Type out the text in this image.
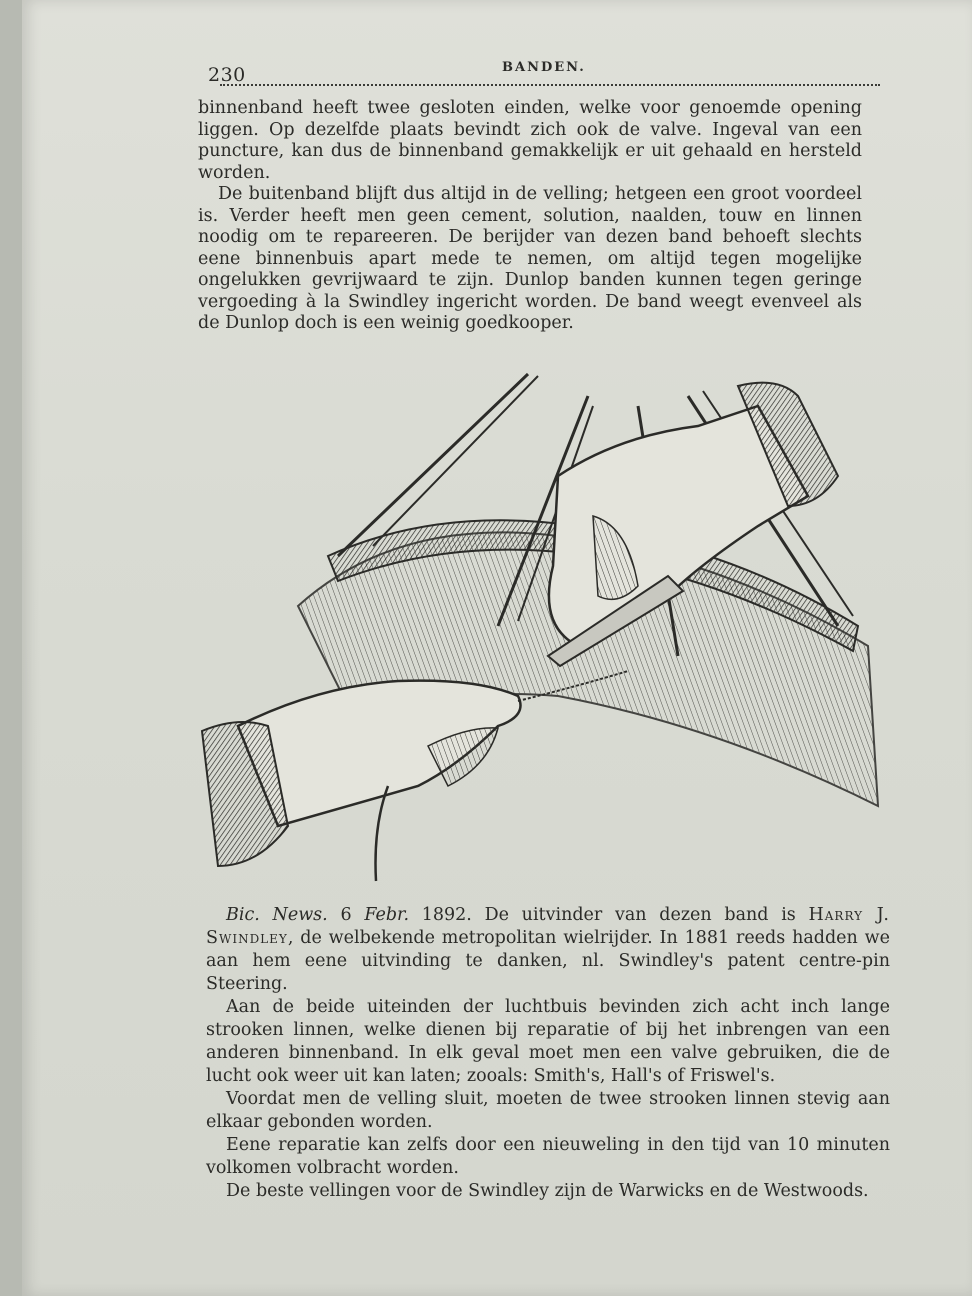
230	BANDEN.

binnenband heeft twee gesloten einden, welke voor genoemde opening liggen. Op dezelfde plaats bevindt zich ook de valve. Ingeval van een puncture, kan dus de binnenband gemakkelijk er uit gehaald en hersteld worden.

De buitenband blijft dus altijd in de velling; hetgeen een groot voordeel is. Verder heeft men geen cement, solution, naalden, touw en linnen noodig om te repareeren. De berijder van dezen band behoeft slechts eene binnenbuis apart mede te nemen, om altijd tegen mogelijke ongelukken gevrijwaard te zijn. Dunlop banden kunnen tegen geringe vergoeding à la Swindley ingericht worden. De band weegt evenveel als de Dunlop doch is een weinig goedkooper.

Bic. News. 6 Febr. 1892. De uitvinder van dezen band is Harry J. Swindley, de welbekende metropolitan wielrijder. In 1881 reeds hadden we aan hem eene uitvinding te danken, nl. Swindley's patent centre-pin Steering.

Aan de beide uiteinden der luchtbuis bevinden zich acht inch lange strooken linnen, welke dienen bij reparatie of bij het inbrengen van een anderen binnenband. In elk geval moet men een valve gebruiken, die de lucht ook weer uit kan laten; zooals: Smith's, Hall's of Friswel's.

Voordat men de velling sluit, moeten de twee strooken linnen stevig aan elkaar gebonden worden.

Eene reparatie kan zelfs door een nieuweling in den tijd van 10 minuten volkomen volbracht worden.

De beste vellingen voor de Swindley zijn de Warwicks en de Westwoods.
